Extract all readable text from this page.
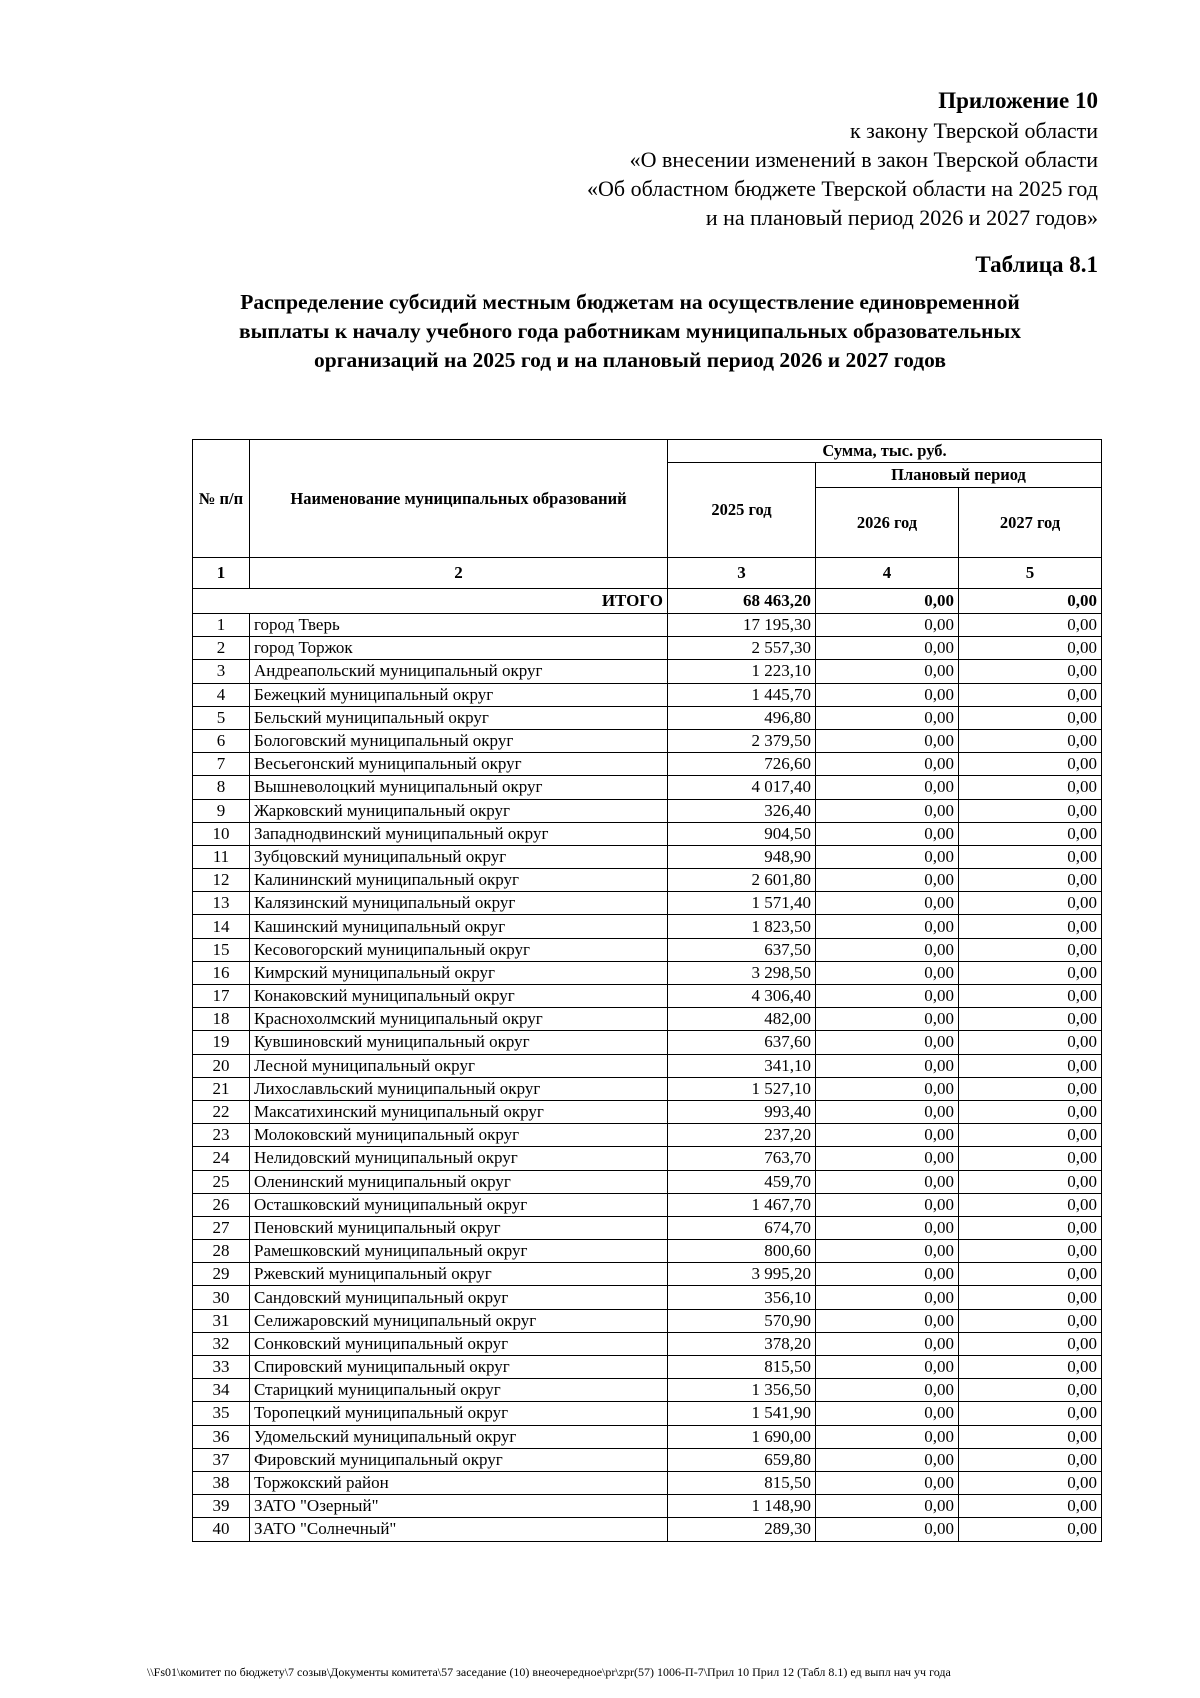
Приложение 10
к закону Тверской области
«О внесении изменений в закон Тверской области
«Об областном бюджете Тверской области на 2025 год
и на плановый период 2026 и 2027 годов»
Таблица 8.1
Распределение субсидий местным бюджетам на осуществление единовременной
выплаты к началу учебного года работникам муниципальных образовательных
организаций на 2025 год и на плановый период 2026 и 2027 годов
№ п/п	Наименование муниципальных образований	Сумма, тыс. руб.		
		2025 год	Плановый период	
			2026 год	2027 год
1	2	3	4	5
ИТОГО		68 463,20	0,00	0,00
1	город Тверь	17 195,30	0,00	0,00
2	город Торжок	2 557,30	0,00	0,00
3	Андреапольский муниципальный округ	1 223,10	0,00	0,00
4	Бежецкий муниципальный округ	1 445,70	0,00	0,00
5	Бельский муниципальный округ	496,80	0,00	0,00
6	Бологовский муниципальный округ	2 379,50	0,00	0,00
7	Весьегонский муниципальный округ	726,60	0,00	0,00
8	Вышневолоцкий муниципальный округ	4 017,40	0,00	0,00
9	Жарковский муниципальный округ	326,40	0,00	0,00
10	Западнодвинский муниципальный округ	904,50	0,00	0,00
11	Зубцовский муниципальный округ	948,90	0,00	0,00
12	Калининский муниципальный округ	2 601,80	0,00	0,00
13	Калязинский муниципальный округ	1 571,40	0,00	0,00
14	Кашинский муниципальный округ	1 823,50	0,00	0,00
15	Кесовогорский муниципальный округ	637,50	0,00	0,00
16	Кимрский муниципальный округ	3 298,50	0,00	0,00
17	Конаковский муниципальный округ	4 306,40	0,00	0,00
18	Краснохолмский муниципальный округ	482,00	0,00	0,00
19	Кувшиновский муниципальный округ	637,60	0,00	0,00
20	Лесной муниципальный округ	341,10	0,00	0,00
21	Лихославльский муниципальный округ	1 527,10	0,00	0,00
22	Максатихинский муниципальный округ	993,40	0,00	0,00
23	Молоковский муниципальный округ	237,20	0,00	0,00
24	Нелидовский муниципальный округ	763,70	0,00	0,00
25	Оленинский муниципальный округ	459,70	0,00	0,00
26	Осташковский муниципальный округ	1 467,70	0,00	0,00
27	Пеновский муниципальный округ	674,70	0,00	0,00
28	Рамешковский муниципальный округ	800,60	0,00	0,00
29	Ржевский муниципальный округ	3 995,20	0,00	0,00
30	Сандовский муниципальный округ	356,10	0,00	0,00
31	Селижаровский муниципальный округ	570,90	0,00	0,00
32	Сонковский муниципальный округ	378,20	0,00	0,00
33	Спировский муниципальный округ	815,50	0,00	0,00
34	Старицкий муниципальный округ	1 356,50	0,00	0,00
35	Торопецкий муниципальный округ	1 541,90	0,00	0,00
36	Удомельский муниципальный округ	1 690,00	0,00	0,00
37	Фировский муниципальный округ	659,80	0,00	0,00
38	Торжокский район	815,50	0,00	0,00
39	ЗАТО "Озерный"	1 148,90	0,00	0,00
40	ЗАТО "Солнечный"	289,30	0,00	0,00
\\Fs01\комитет по бюджету\7 созыв\Документы комитета\57 заседание (10) внеочередное\pr\zpr(57) 1006-П-7\Прил 10 Прил 12 (Табл 8.1) ед выпл нач уч года
